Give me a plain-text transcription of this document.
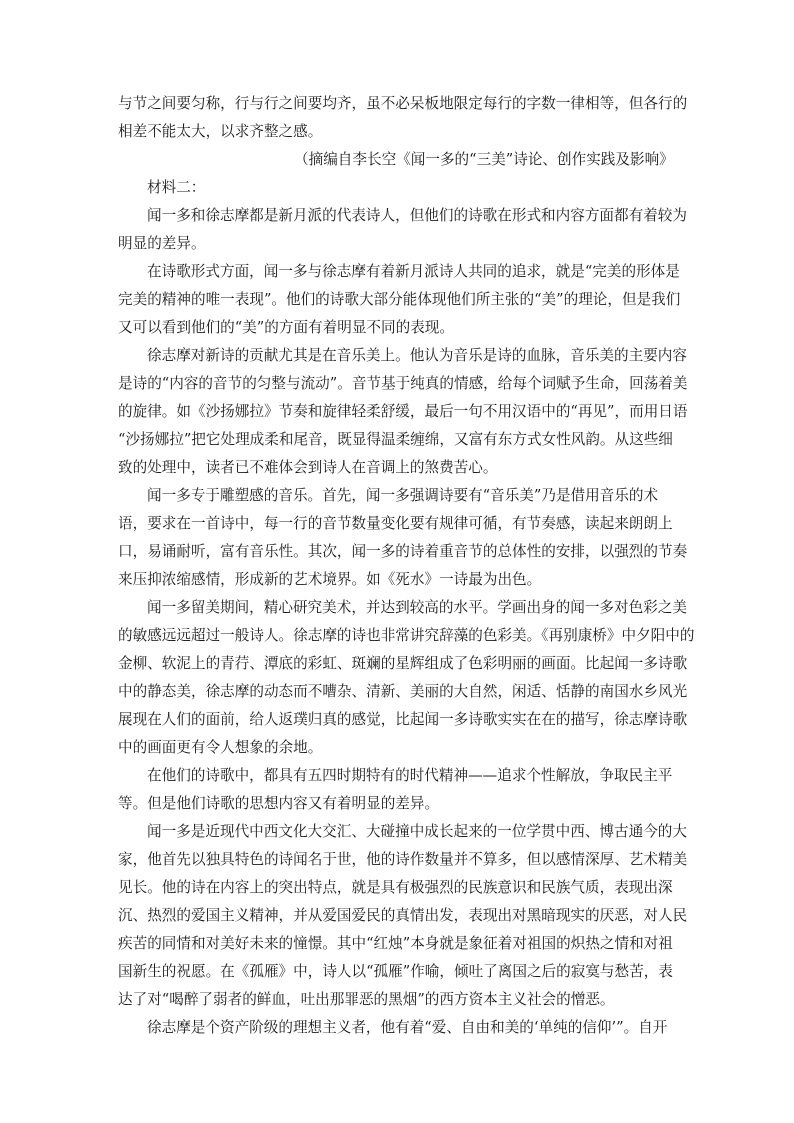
与节之间要匀称，行与行之间要均齐，虽不必呆板地限定每行的字数一律相等，但各行的
相差不能太大，以求齐整之感。
（摘编自李长空《闻一多的“三美”诗论、创作实践及影响》
材料二：
闻一多和徐志摩都是新月派的代表诗人，但他们的诗歌在形式和内容方面都有着较为
明显的差异。
在诗歌形式方面，闻一多与徐志摩有着新月派诗人共同的追求，就是“完美的形体是
完美的精神的唯一表现”。他们的诗歌大部分能体现他们所主张的“美”的理论，但是我们
又可以看到他们的“美”的方面有着明显不同的表现。
徐志摩对新诗的贡献尤其是在音乐美上。他认为音乐是诗的血脉，音乐美的主要内容
是诗的“内容的音节的匀整与流动”。音节基于纯真的情感，给每个词赋予生命，回荡着美
的旋律。如《沙扬娜拉》节奏和旋律轻柔舒缓，最后一句不用汉语中的“再见”，而用日语
“沙扬娜拉”把它处理成柔和尾音，既显得温柔缠绵，又富有东方式女性风韵。从这些细
致的处理中，读者已不难体会到诗人在音调上的煞费苦心。
闻一多专于雕塑感的音乐。首先，闻一多强调诗要有“音乐美”乃是借用音乐的术
语，要求在一首诗中，每一行的音节数量变化要有规律可循，有节奏感，读起来朗朗上
口，易诵耐听，富有音乐性。其次，闻一多的诗着重音节的总体性的安排，以强烈的节奏
来压抑浓缩感情，形成新的艺术境界。如《死水》一诗最为出色。
闻一多留美期间，精心研究美术，并达到较高的水平。学画出身的闻一多对色彩之美
的敏感远远超过一般诗人。徐志摩的诗也非常讲究辞藻的色彩美。《再别康桥》中夕阳中的
金柳、软泥上的青荇、潭底的彩虹、斑斓的星辉组成了色彩明丽的画面。比起闻一多诗歌
中的静态美，徐志摩的动态而不嘈杂、清新、美丽的大自然，闲适、恬静的南国水乡风光
展现在人们的面前，给人返璞归真的感觉，比起闻一多诗歌实实在在的描写，徐志摩诗歌
中的画面更有令人想象的余地。
在他们的诗歌中，都具有五四时期特有的时代精神——追求个性解放，争取民主平
等。但是他们诗歌的思想内容又有着明显的差异。
闻一多是近现代中西文化大交汇、大碰撞中成长起来的一位学贯中西、博古通今的大
家，他首先以独具特色的诗闻名于世，他的诗作数量并不算多，但以感情深厚、艺术精美
见长。他的诗在内容上的突出特点，就是具有极强烈的民族意识和民族气质，表现出深
沉、热烈的爱国主义精神，并从爱国爱民的真情出发，表现出对黑暗现实的厌恶，对人民
疾苦的同情和对美好未来的憧憬。其中“红烛”本身就是象征着对祖国的炽热之情和对祖
国新生的祝愿。在《孤雁》中，诗人以“孤雁”作喻，倾吐了离国之后的寂寞与愁苦，表
达了对“喝醉了弱者的鲜血，吐出那罪恶的黑烟”的西方资本主义社会的憎恶。
徐志摩是个资产阶级的理想主义者，他有着“爱、自由和美的‘单纯的信仰’”。自开
